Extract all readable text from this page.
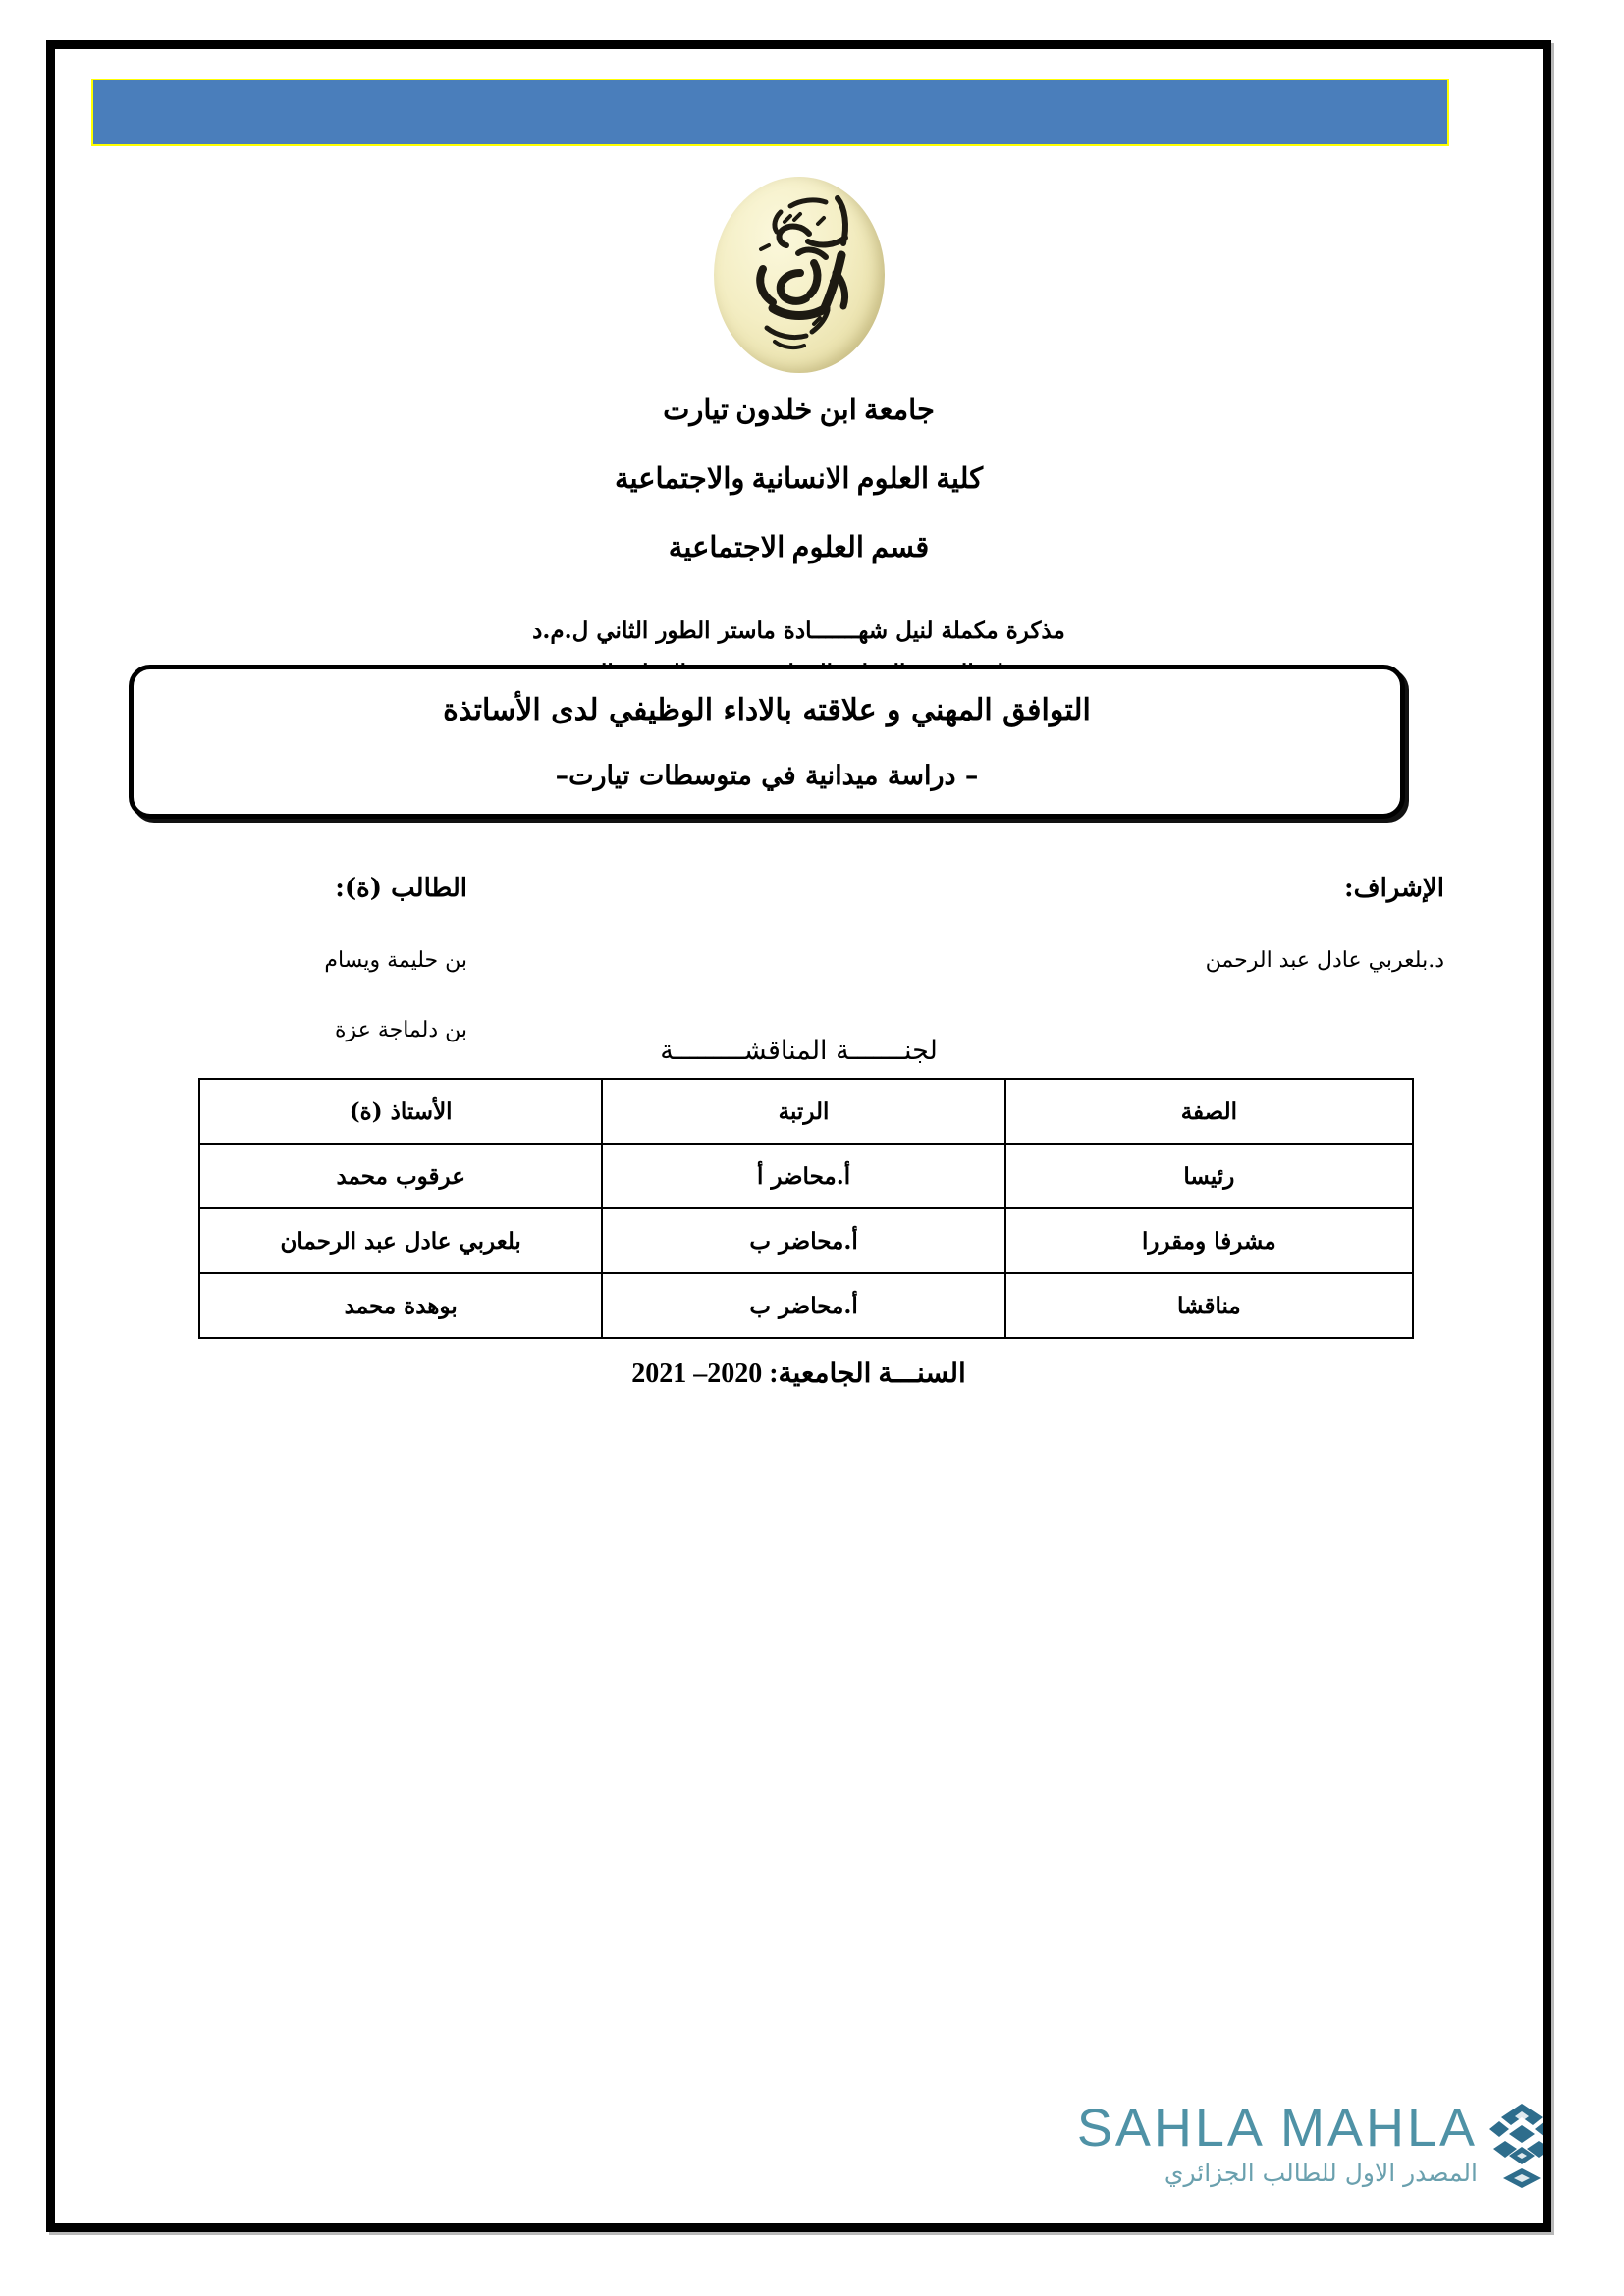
جامعة ابن خلدون تيارت

كلية العلوم الانسانية والاجتماعية

قسم العلوم الاجتماعية

مذكرة مكملة لنيل شهـــــــادة ماستر الطور الثاني ل.م.د

التوافق المهني و علاقته بالاداء الوظيفي لدى الأساتذة
– دراسة ميدانية في متوسطات تيارت–
الإشراف:
د.بلعربي عادل عبد الرحمن
الطالب (ة):
بن حليمة ويسام
بن دلماجة عزة
لجنـــــــة المناقشـــــــــة
الصفة	الرتبة	الأستاذ (ة)
رئيسا	أ.محاضر أ	عرقوب محمد
مشرفا ومقررا	أ.محاضر ب	بلعربي عادل عبد الرحمان
مناقشا	أ.محاضر ب	بوهدة محمد
السنـــة الجامعية: 2020– 2021
SAHLA MAHLA
المصدر الاول للطالب الجزائري
